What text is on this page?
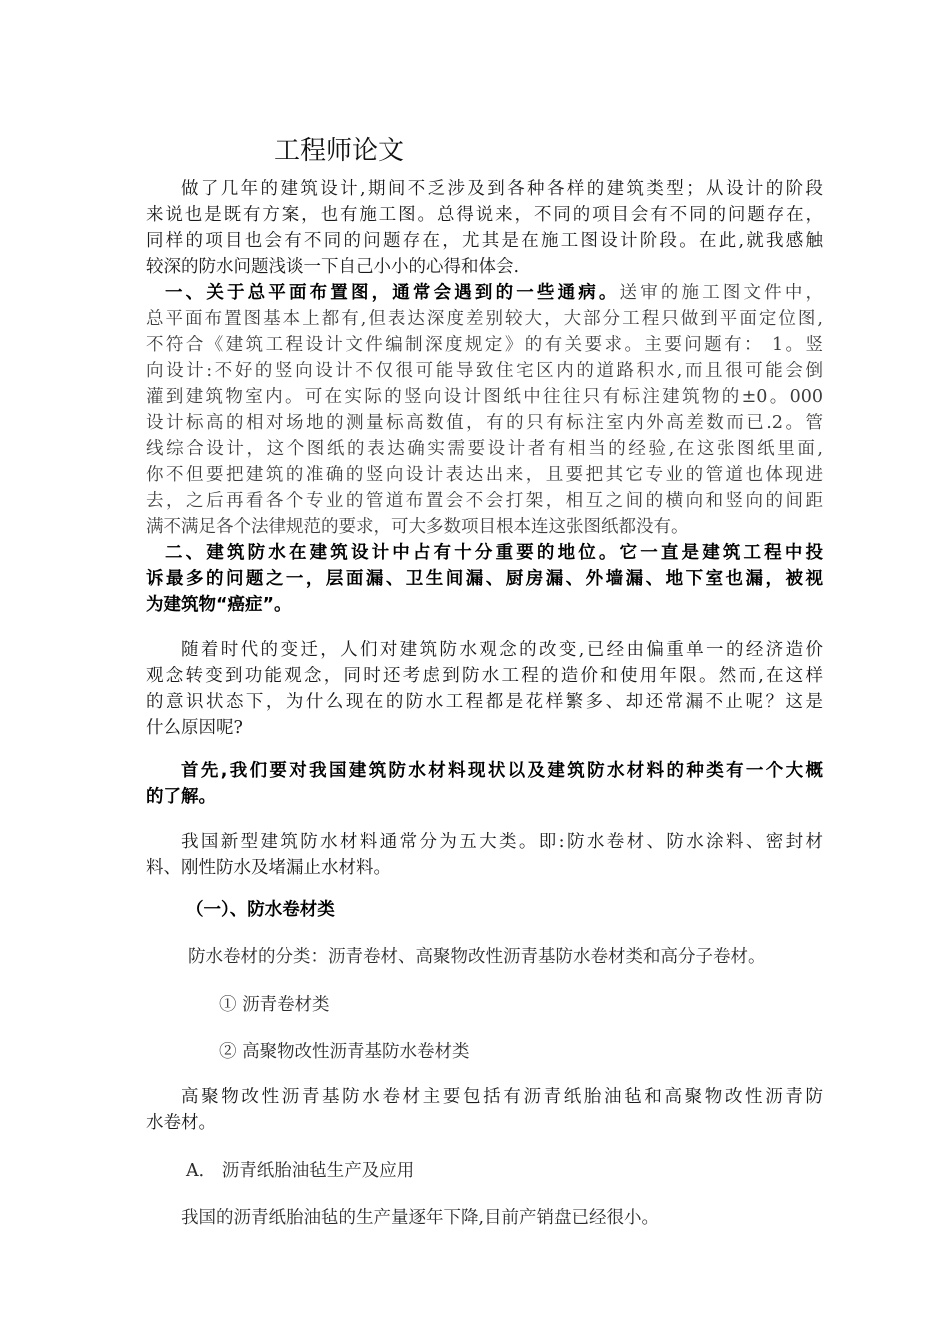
工程师论文
做了几年的建筑设计,期间不乏涉及到各种各样的建筑类型；从设计的阶段
来说也是既有方案，也有施工图。总得说来，不同的项目会有不同的问题存在，
同样的项目也会有不同的问题存在，尤其是在施工图设计阶段。在此,就我感触
较深的防水问题浅谈一下自己小小的心得和体会.
一、关于总平面布置图，通常会遇到的一些通病。送审的施工图文件中，
总平面布置图基本上都有,但表达深度差别较大，大部分工程只做到平面定位图,
不符合《建筑工程设计文件编制深度规定》的有关要求。主要问题有： 1。竖
向设计:不好的竖向设计不仅很可能导致住宅区内的道路积水,而且很可能会倒
灌到建筑物室内。可在实际的竖向设计图纸中往往只有标注建筑物的±0。000
设计标高的相对场地的测量标高数值，有的只有标注室内外高差数而已.2。管
线综合设计，这个图纸的表达确实需要设计者有相当的经验,在这张图纸里面,
你不但要把建筑的准确的竖向设计表达出来，且要把其它专业的管道也体现进
去，之后再看各个专业的管道布置会不会打架，相互之间的横向和竖向的间距
满不满足各个法律规范的要求，可大多数项目根本连这张图纸都没有。
二、建筑防水在建筑设计中占有十分重要的地位。它一直是建筑工程中投
诉最多的问题之一，层面漏、卫生间漏、厨房漏、外墙漏、地下室也漏，被视
为建筑物“癌症”。
随着时代的变迁，人们对建筑防水观念的改变,已经由偏重单一的经济造价
观念转变到功能观念，同时还考虑到防水工程的造价和使用年限。然而,在这样
的意识状态下，为什么现在的防水工程都是花样繁多、却还常漏不止呢？这是
什么原因呢?
首先,我们要对我国建筑防水材料现状以及建筑防水材料的种类有一个大概
的了解。
我国新型建筑防水材料通常分为五大类。即:防水卷材、防水涂料、密封材
料、刚性防水及堵漏止水材料。
（一）、防水卷材类
防水卷材的分类：沥青卷材、高聚物改性沥青基防水卷材类和高分子卷材。
① 沥青卷材类
② 高聚物改性沥青基防水卷材类
高聚物改性沥青基防水卷材主要包括有沥青纸胎油毡和高聚物改性沥青防
水卷材。
A． 沥青纸胎油毡生产及应用
我国的沥青纸胎油毡的生产量逐年下降,目前产销盘已经很小。
